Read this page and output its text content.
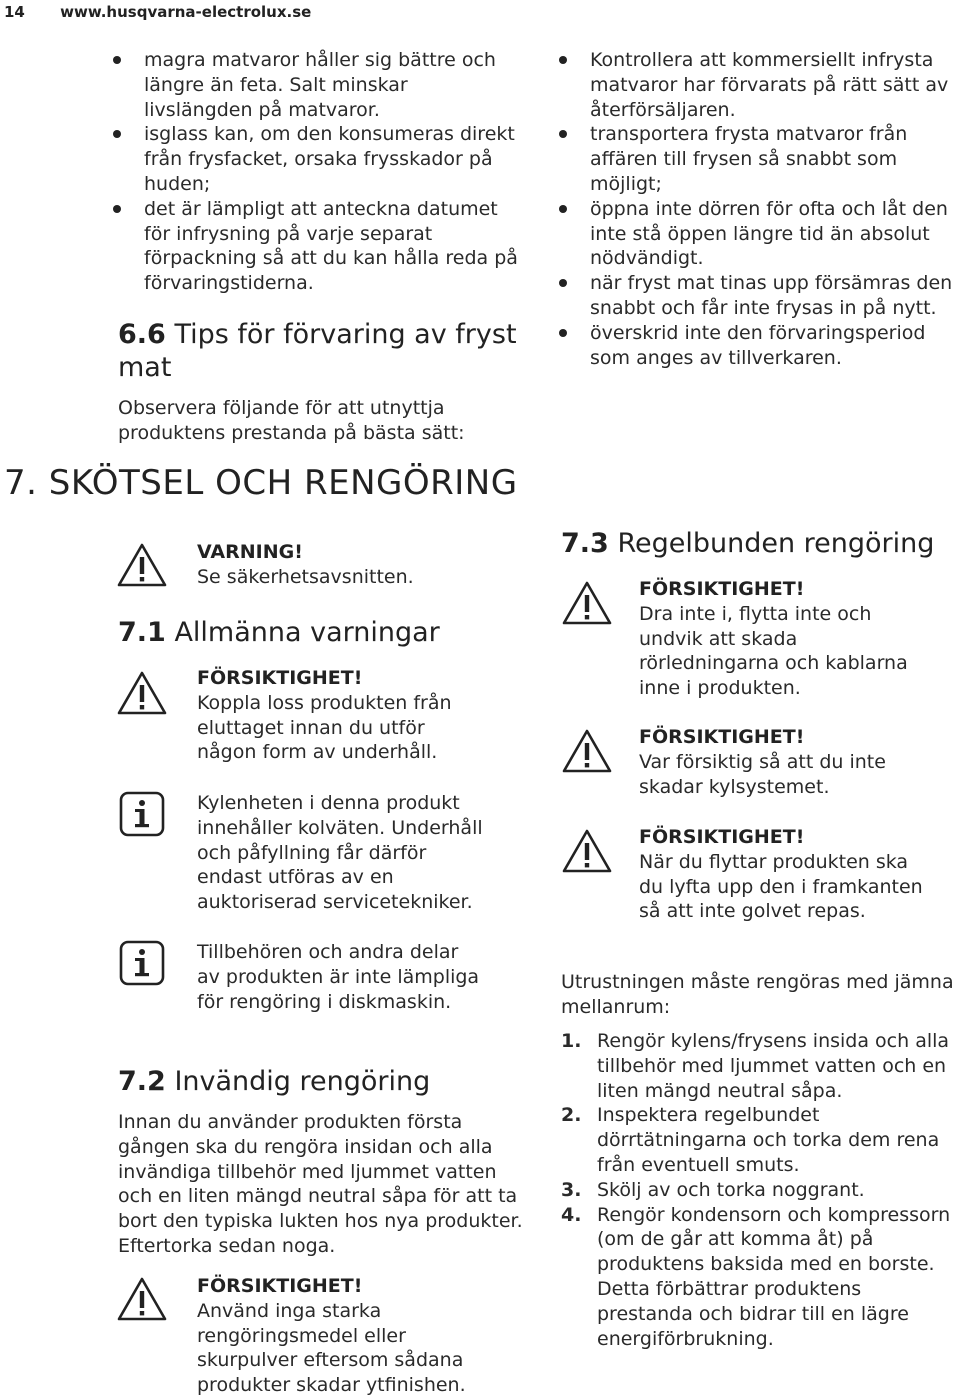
14 www.husqvarna-electrolux.se
magra matvaror håller sig bättre och längre än feta. Salt minskar livslängden på matvaror.
isglass kan, om den konsumeras direkt från frysfacket, orsaka frysskador på huden;
det är lämpligt att anteckna datumet för infrysning på varje separat förpackning så att du kan hålla reda på förvaringstiderna.
6.6 Tips för förvaring av fryst
mat
Observera följande för att utnyttja produktens prestanda på bästa sätt:
Kontrollera att kommersiellt infrysta matvaror har förvarats på rätt sätt av återförsäljaren.
transportera frysta matvaror från affären till frysen så snabbt som möjligt;
öppna inte dörren för ofta och låt den inte stå öppen längre tid än absolut nödvändigt.
när fryst mat tinas upp försämras den snabbt och får inte frysas in på nytt.
överskrid inte den förvaringsperiod som anges av tillverkaren.
7. SKÖTSEL OCH RENGÖRING
VARNING!
Se säkerhetsavsnitten.
7.1 Allmänna varningar
FÖRSIKTIGHET!
Koppla loss produkten från eluttaget innan du utför någon form av underhåll.
Kylenheten i denna produkt innehåller kolväten. Underhåll och påfyllning får därför endast utföras av en auktoriserad servicetekniker.
Tillbehören och andra delar av produkten är inte lämpliga för rengöring i diskmaskin.
7.2 Invändig rengöring
Innan du använder produkten första gången ska du rengöra insidan och alla invändiga tillbehör med ljummet vatten och en liten mängd neutral såpa för att ta bort den typiska lukten hos nya produkter. Eftertorka sedan noga.
FÖRSIKTIGHET!
Använd inga starka rengöringsmedel eller skurpulver eftersom sådana produkter skadar ytfinishen.
7.3 Regelbunden rengöring
FÖRSIKTIGHET!
Dra inte i, flytta inte och undvik att skada rörledningarna och kablarna inne i produkten.
FÖRSIKTIGHET!
Var försiktig så att du inte skadar kylsystemet.
FÖRSIKTIGHET!
När du flyttar produkten ska du lyfta upp den i framkanten så att inte golvet repas.
Utrustningen måste rengöras med jämna mellanrum:
1. Rengör kylens/frysens insida och alla tillbehör med ljummet vatten och en liten mängd neutral såpa.
2. Inspektera regelbundet dörrtätningarna och torka dem rena från eventuell smuts.
3. Skölj av och torka noggrant.
4. Rengör kondensorn och kompressorn (om de går att komma åt) på produktens baksida med en borste.
Detta förbättrar produktens prestanda och bidrar till en lägre energiförbrukning.
